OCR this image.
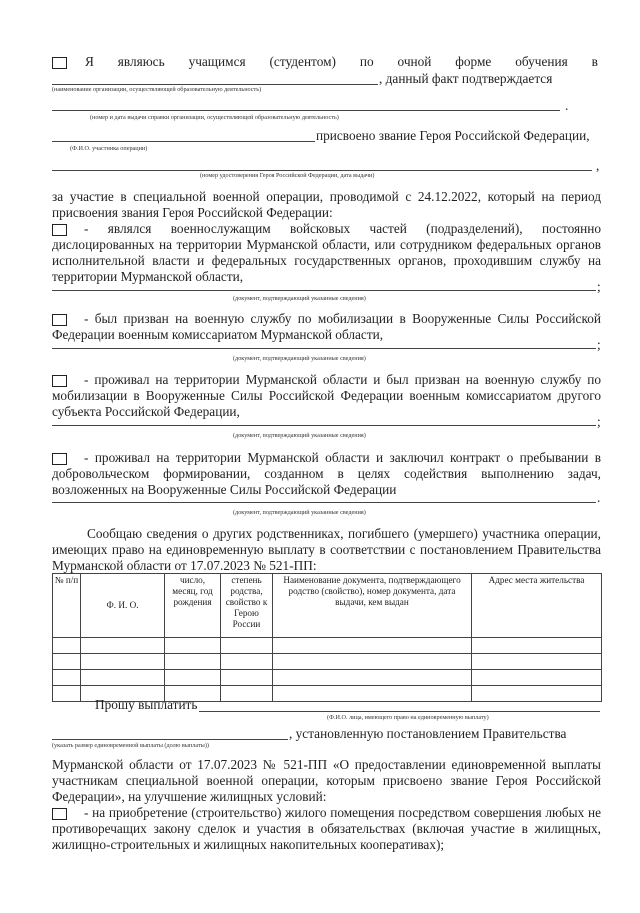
Я являюсь учащимся (студентом) по очной форме обучения в
, данный факт подтверждается
(наименование организации, осуществляющей образовательную деятельность)
.
(номер и дата выдачи справки организации, осуществляющей образовательную деятельность)
присвоено звание Героя Российской Федерации,
(Ф.И.О. участника операции)
,
(номер удостоверения Героя Российской Федерации, дата выдачи)
за участие в специальной военной операции, проводимой с 24.12.2022, который на период
присвоения звания Героя Российской Федерации:
- являлся военнослужащим войсковых частей (подразделений), постоянно
дислоцированных на территории Мурманской области, или сотрудником федеральных органов
исполнительной власти и федеральных государственных органов, проходившим службу на
территории Мурманской области,
;
(документ, подтверждающий указанные сведения)
- был призван на военную службу по мобилизации в Вооруженные Силы Российской
Федерации военным комиссариатом Мурманской области,
;
(документ, подтверждающий указанные сведения)
- проживал на территории Мурманской области и был призван на военную службу по
мобилизации в Вооруженные Силы Российской Федерации военным комиссариатом другого
субъекта Российской Федерации,
;
(документ, подтверждающий указанные сведения)
- проживал на территории Мурманской области и заключил контракт о пребывании в
добровольческом формировании, созданном в целях содействия выполнению задач,
возложенных на Вооруженные Силы Российской Федерации
.
(документ, подтверждающий указанные сведения)
Сообщаю сведения о других родственниках, погибшего (умершего) участника операции,
имеющих право на единовременную выплату в соответствии с постановлением Правительства
Мурманской области от 17.07.2023 № 521-ПП:
№ п/п	Ф. И. О.	число, месяц, год рождения	степень родства, свойство к Герою России	Наименование документа, подтверждающего родство (свойство), номер документа, дата выдачи, кем выдан	Адрес места жительства

Прошу выплатить
(Ф.И.О. лица, имеющего право на единовременную выплату)
, установленную постановлением Правительства
(указать размер единовременной выплаты (долю выплаты))
Мурманской области от 17.07.2023 № 521-ПП «О предоставлении единовременной выплаты
участникам специальной военной операции, которым присвоено звание Героя Российской
Федерации», на улучшение жилищных условий:
- на приобретение (строительство) жилого помещения посредством совершения любых не
противоречащих закону сделок и участия в обязательствах (включая участие в жилищных,
жилищно-строительных и жилищных накопительных кооперативах);
